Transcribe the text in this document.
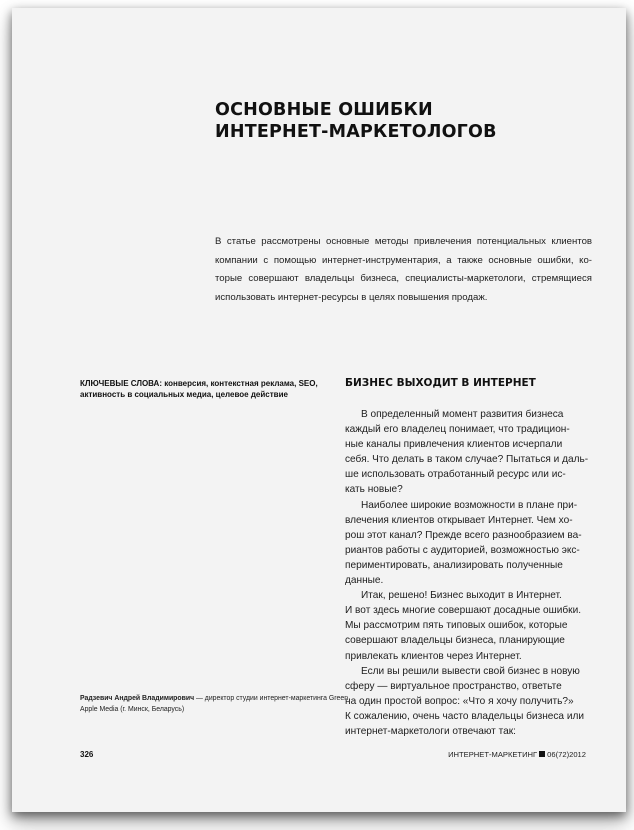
ОСНОВНЫЕ ОШИБКИ
ИНТЕРНЕТ-МАРКЕТОЛОГОВ
В статье рассмотрены основные методы привлечения потенциальных клиентов
компании с помощью интернет-инструментария, а также основные ошибки, ко-
торые совершают владельцы бизнеса, специалисты-маркетологи, стремящиеся
использовать интернет-ресурсы в целях повышения продаж.
КЛЮЧЕВЫЕ СЛОВА: конверсия, контекстная реклама, SEO,
активность в социальных медиа, целевое действие
БИЗНЕС ВЫХОДИТ В ИНТЕРНЕТ
В определенный момент развития бизнеса
каждый его владелец понимает, что традицион-
ные каналы привлечения клиентов исчерпали
себя. Что делать в таком случае? Пытаться и даль-
ше использовать отработанный ресурс или ис-
кать новые?
Наиболее широкие возможности в плане при-
влечения клиентов открывает Интернет. Чем хо-
рош этот канал? Прежде всего разнообразием ва-
риантов работы с аудиторией, возможностью экс-
периментировать, анализировать полученные
данные.
Итак, решено! Бизнес выходит в Интернет.
И вот здесь многие совершают досадные ошибки.
Мы рассмотрим пять типовых ошибок, которые
совершают владельцы бизнеса, планирующие
привлекать клиентов через Интернет.
Если вы решили вывести свой бизнес в новую
сферу — виртуальное пространство, ответьте
на один простой вопрос: «Что я хочу получить?»
К сожалению, очень часто владельцы бизнеса или
интернет-маркетологи отвечают так:
Радзевич Андрей Владимирович — директор студии интернет-маркетинга Green
Apple Media (г. Минск, Беларусь)
326	ИНТЕРНЕТ-МАРКЕТИНГ 06(72)2012
